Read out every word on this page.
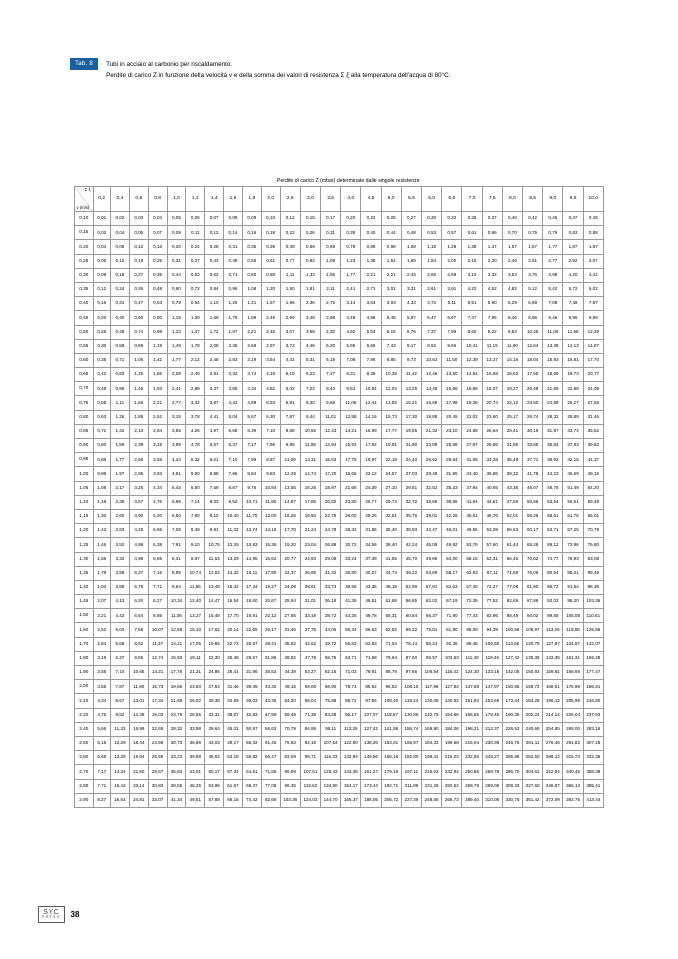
Tab. 8	Tubi in acciaio al carbonio per riscaldamento.
Perdite di carico Z in funzione della velocità v e della somma dei valori di resistenza Σ ξ alla temperatura dell'acqua di 80°C.

	Perdite di carico Z (mbar) determinate dalle singole resistenze																									

Σ ξ
v (m/s)	0,2	0,4	0,6	0,8	1,0	1,2	1,4	1,6	1,8	2,0	2,5	3,0	3,5	4,0	4,5	5,0	5,5	6,0	6,5	7,0	7,5	8,0	8,5	9,0	9,5	10,0
0,10	0,01	0,02	0,03	0,04	0,05	0,06	0,07	0,08	0,09	0,10	0,12	0,15	0,17	0,20	0,22	0,25	0,27	0,30	0,32	0,35	0,37	0,40	0,42	0,45	0,47	0,49
0,15	0,02	0,04	0,05	0,07	0,09	0,11	0,12	0,14	0,16	0,18	0,22	0,26	0,31	0,35	0,40	0,44	0,48	0,53	0,57	0,61	0,66	0,70	0,75	0,79	0,83	0,88
0,20	0,04	0,08	0,12	0,16	0,20	0,24	0,28	0,31	0,35	0,39	0,49	0,59	0,69	0,79	0,88	0,98	1,08	1,18	1,28	1,38	1,47	1,57	1,67	1,77	1,87	1,97
0,25	0,06	0,12	0,18	0,25	0,31	0,37	0,43	0,49	0,55	0,61	0,77	0,92	1,08	1,23	1,38	1,54	1,69	1,84	2,00	2,15	2,30	2,46	2,61	2,77	2,92	3,07
0,30	0,09	0,18	0,27	0,35	0,44	0,53	0,62	0,71	0,80	0,88	1,11	1,33	1,55	1,77	2,21	2,21	2,43	2,65	2,88	3,10	3,32	3,54	3,76	3,98	4,20	4,42
0,35	0,12	0,24	0,36	0,48	0,60	0,72	0,84	0,96	1,08	1,20	1,50	1,81	2,11	2,41	2,71	3,01	3,31	3,61	3,91	4,22	4,52	4,82	5,12	5,42	5,72	6,02
0,40	0,16	0,31	0,47	0,63	0,79	0,94	1,10	1,26	1,41	1,57	1,96	2,36	2,75	3,14	3,53	3,93	4,33	4,72	5,11	5,51	5,90	6,29	6,69	7,08	7,48	7,87
0,45	0,20	0,40	0,60	0,80	1,19	1,39	1,59	1,79	1,99	2,49	2,99	3,48	3,98	4,48	4,98	5,48	5,97	6,47	6,97	7,47	7,96	8,46	8,96	9,46	9,95	9,95
0,50	0,25	0,49	0,74	0,98	1,23	1,47	1,72	1,97	2,21	2,46	3,07	3,69	4,30	4,92	5,53	6,15	6,76	7,37	7,99	8,60	9,22	9,83	10,45	11,06	11,68	12,29
0,55	0,30	0,59	0,89	1,19	1,49	1,78	2,08	2,38	2,68	2,97	3,72	4,46	5,20	5,95	6,69	7,43	8,17	8,92	9,66	10,41	11,15	11,90	12,64	13,38	14,13	14,87
0,60	0,35	0,71	1,06	1,42	1,77	2,12	2,48	2,83	3,19	3,54	4,42	5,31	6,19	7,08	7,96	8,85	9,73	10,62	11,50	12,39	13,27	14,16	15,04	15,93	16,81	17,70
0,65	0,42	0,83	1,25	1,66	2,08	2,49	2,91	3,32	3,74	4,15	5,19	6,23	7,27	8,31	9,35	10,39	11,42	12,46	13,50	14,54	15,58	16,62	17,65	18,69	19,73	20,77
0,70	0,48	0,96	1,45	1,93	2,41	2,89	3,37	3,85	4,34	4,82	6,02	7,23	8,43	9,64	10,84	12,04	13,25	14,45	15,66	16,86	18,07	19,27	20,48	21,68	22,88	24,09
0,75	0,55	1,11	1,66	2,21	2,77	3,32	3,87	4,42	4,98	5,53	6,91	8,30	9,68	11,06	12,44	13,83	15,21	16,59	17,98	19,36	20,74	22,12	23,50	24,89	26,27	27,65
0,80	0,63	1,26	1,89	2,52	3,15	3,78	4,41	5,04	5,67	6,30	7,87	9,44	11,01	12,58	14,16	15,73	17,30	18,88	20,45	22,02	23,60	25,17	26,74	28,32	29,89	31,46
0,85	0,71	1,42	2,13	2,84	3,55	4,26	4,97	5,68	6,39	7,10	8,88	10,66	12,43	14,21	15,99	17,77	19,55	21,32	23,10	24,88	26,64	28,41	30,19	31,97	33,74	35,52
0,90	0,80	1,59	2,39	3,19	3,98	4,78	5,57	6,37	7,17	7,96	9,95	11,95	13,94	15,93	17,92	19,91	21,90	23,89	25,88	27,87	29,86	31,86	33,85	35,84	37,83	39,82
0,95	0,89	1,77	2,66	3,55	4,44	5,32	6,21	7,10	7,99	8,87	11,09	13,31	15,53	17,75	19,97	22,18	24,40	26,62	28,84	31,06	33,28	35,49	37,71	39,93	42,15	44,37
1,00	0,98	1,97	2,95	3,93	4,91	5,90	6,88	7,86	8,84	9,83	12,29	14,74	17,20	19,66	22,12	24,57	27,03	29,49	31,95	34,40	36,86	39,32	41,78	44,23	46,69	49,15
1,05	1,08	2,17	3,25	4,34	5,42	6,50	7,59	8,67	9,76	10,84	13,55	16,26	18,97	21,68	24,39	27,10	29,81	32,52	35,23	37,94	40,65	43,36	46,07	48,78	51,49	54,20
1,10	1,19	2,38	3,57	4,76	5,95	7,14	8,33	9,52	10,71	11,90	14,87	17,85	20,82	23,80	26,77	29,74	32,72	35,69	38,66	41,64	44,61	47,59	50,56	53,54	56,51	59,48
1,15	1,30	2,60	3,90	5,20	6,50	7,80	9,10	10,40	11,70	13,00	16,25	19,50	22,75	26,00	29,26	32,51	35,76	39,01	42,26	45,51	48,76	52,01	55,26	58,51	61,76	65,01
1,20	1,42	2,83	4,25	5,66	7,08	8,49	9,91	11,33	12,74	14,16	17,70	21,24	24,78	28,32	31,86	35,40	38,93	42,47	46,01	49,55	53,09	56,63	60,17	63,71	67,25	70,79
1,25	1,46	3,52	4,98	6,38	7,91	9,10	10,75	12,29	13,83	15,36	19,20	23,04	26,88	30,72	34,56	38,40	42,24	46,08	49,92	53,76	57,60	61,44	65,28	69,12	72,96	76,80
1,30	1,66	3,32	4,98	6,65	8,31	9,97	11,63	13,29	14,95	16,62	20,77	24,93	29,08	33,24	37,39	41,55	45,70	49,86	54,00	58,16	62,31	66,46	70,62	74,77	78,93	83,08
1,35	1,79	3,58	5,37	7,16	8,95	10,74	12,53	14,32	16,11	17,90	22,37	26,85	31,32	35,80	40,27	44,74	49,22	53,69	58,17	62,63	67,11	71,59	76,06	80,54	85,01	89,49
1,40	1,93	3,85	5,78	7,71	9,64	11,56	13,49	15,42	17,34	19,27	24,09	28,91	33,73	38,55	43,36	48,18	52,99	57,81	62,63	67,45	72,27	77,08	81,90	86,72	91,54	96,36
1,45	2,07	4,13	6,20	8,27	10,34	12,40	14,47	16,54	18,60	20,67	25,84	31,01	36,18	41,35	46,51	51,68	56,85	62,02	67,19	72,35	77,52	82,69	87,86	93,03	98,20	103,36
1,50	2,21	4,42	6,64	8,85	11,06	13,27	15,49	17,70	19,91	22,12	27,65	33,19	38,72	44,25	49,78	55,31	60,84	66,37	71,90	77,43	82,96	88,49	94,02	99,55	105,08	110,61
1,60	2,52	5,03	7,55	10,07	12,58	15,10	17,62	20,14	22,65	25,17	31,46	37,75	44,05	50,34	56,63	62,92	69,22	75,51	81,80	88,09	94,39	100,68	106,97	113,26	119,56	125,85
1,70	2,84	5,68	8,52	11,37	14,21	17,05	19,89	22,73	25,57	28,41	35,52	42,62	49,72	56,83	63,93	71,04	78,14	85,24	92,35	99,45	106,55	113,66	120,76	127,87	134,97	142,07
1,80	3,19	6,37	9,56	12,74	15,93	19,11	22,30	25,48	28,67	31,86	39,82	47,78	55,75	63,71	71,68	79,64	87,60	95,57	103,53	111,49	119,46	127,42	135,39	143,35	151,31	159,28
1,90	3,55	7,10	10,65	14,21	17,76	21,31	24,86	28,41	31,96	35,52	44,39	53,27	62,15	71,03	79,91	88,79	97,66	106,54	115,42	124,30	133,18	142,05	150,93	159,81	168,69	177,47
2,00	3,55	7,87	11,80	15,73	19,66	23,60	27,53	31,46	39,39	43,32	49,16	59,06	68,90	78,73	88,62	98,52	108,15	117,98	127,82	137,68	147,97	150,85	159,72	168,51	176,98	186,81
2,10	4,34	8,67	13,01	17,34	21,68	26,02	30,35	34,69	39,03	43,36	54,20	65,04	75,88	86,72	97,56	108,40	119,24	130,08	140,92	151,92	153,69	173,44	184,28	195,12	205,96	216,80
2,20	4,76	9,52	14,28	19,03	23,79	28,55	33,31	38,07	42,83	47,59	59,48	71,38	83,28	95,17	107,07	118,97	130,86	142,76	154,66	166,55	178,45	190,35	202,24	214,14	226,04	237,93
2,40	5,66	11,33	16,99	22,65	28,32	33,98	39,64	45,31	50,97	56,63	70,79	84,95	99,11	113,26	127,42	141,58	155,74	169,90	184,06	198,21	212,37	226,53	240,69	254,85	269,00	283,16
2,50	6,15	12,29	18,44	24,59	30,73	36,88	43,03	49,17	55,32	61,46	76,83	92,18	107,54	122,90	138,26	153,61	168,97	184,33	199,68	215,04	230,39	245,75	261,11	276,46	291,82	307,25
2,60	6,65	13,29	19,94	26,59	33,23	39,88	46,53	53,18	59,82	66,47	83,09	99,71	116,33	132,94	149,56	166,18	182,80	199,41	216,03	232,65	249,27	265,88	282,50	299,12	315,74	332,35
2,70	7,17	14,34	21,50	28,67	35,84	43,01	50,17	57,34	64,51	71,68	89,59	107,51	125,43	143,35	161,27	179,19	197,11	215,03	232,94	250,86	268,78	286,70	304,62	322,54	340,46	358,38
2,80	7,71	15,42	23,14	30,83	38,55	46,25	53,96	61,67	69,37	77,08	96,35	115,62	134,90	154,17	173,44	192,71	211,99	231,25	250,52	269,79	289,06	308,33	327,60	346,87	366,14	385,41
2,90	8,27	16,54	24,81	33,07	41,34	49,61	57,88	66,15	74,42	82,69	103,36	124,03	144,70	165,37	186,05	206,72	227,39	248,06	268,73	289,40	310,08	330,75	351,42	372,09	392,76	413,44
SYC
PRESS 38
